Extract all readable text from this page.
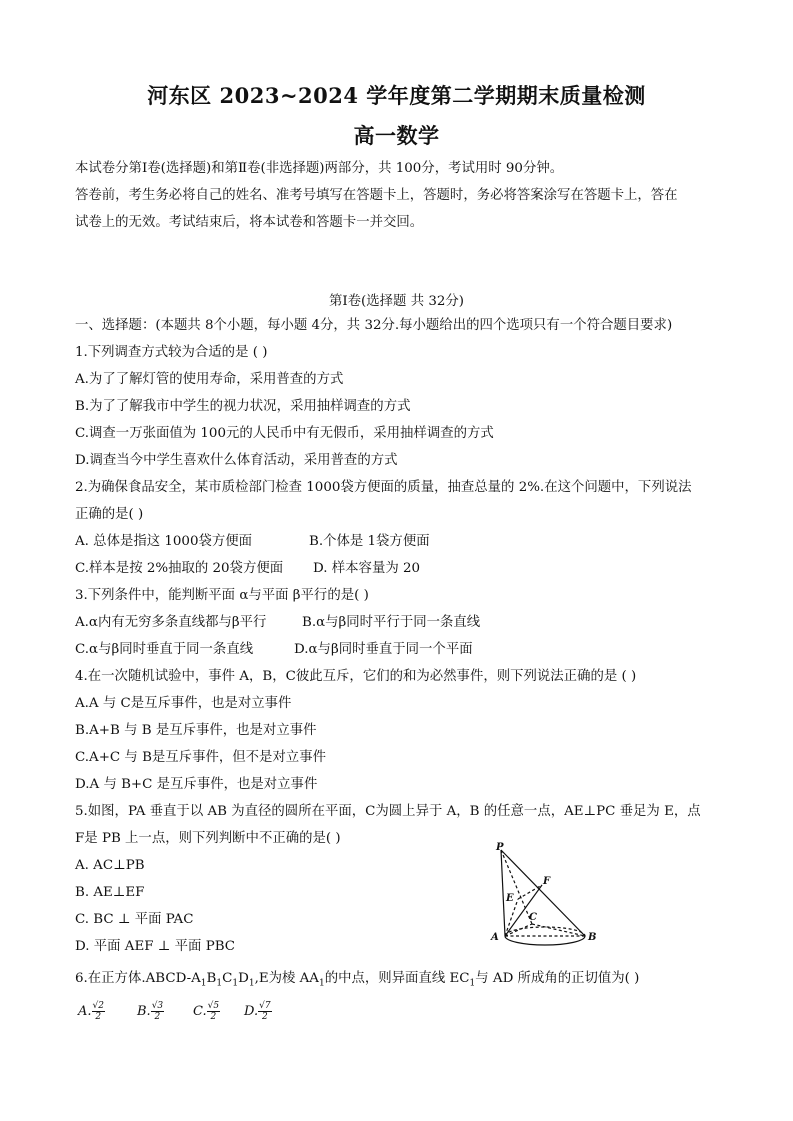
河东区 2023~2024 学年度第二学期期末质量检测
高一数学
本试卷分第Ⅰ卷(选择题)和第Ⅱ卷(非选择题)两部分，共 100分，考试用时 90分钟。
答卷前，考生务必将自己的姓名、准考号填写在答题卡上，答题时，务必将答案涂写在答题卡上，答在
试卷上的无效。考试结束后，将本试卷和答题卡一并交回。
第Ⅰ卷(选择题 共 32分)
一、选择题：(本题共 8个小题，每小题 4分，共 32分.每小题给出的四个选项只有一个符合题目要求)
1.下列调查方式较为合适的是 ( )
A.为了了解灯管的使用寿命，采用普查的方式
B.为了了解我市中学生的视力状况，采用抽样调查的方式
C.调查一万张面值为 100元的人民币中有无假币，采用抽样调查的方式
D.调查当今中学生喜欢什么体育活动，采用普查的方式
2.为确保食品安全，某市质检部门检查 1000袋方便面的质量，抽查总量的 2%.在这个问题中，下列说法
正确的是( )
A. 总体是指这 1000袋方便面	B.个体是 1袋方便面
C.样本是按 2%抽取的 20袋方便面 D. 样本容量为 20
3.下列条件中，能判断平面 α与平面 β平行的是( )
A.α内有无穷多条直线都与β平行	B.α与β同时平行于同一条直线
C.α与β同时垂直于同一条直线	D.α与β同时垂直于同一个平面
4.在一次随机试验中，事件 A，B，C彼此互斥，它们的和为必然事件，则下列说法正确的是 ( )
A.A 与 C是互斥事件，也是对立事件
B.A+B 与 B 是互斥事件，也是对立事件
C.A+C 与 B是互斥事件，但不是对立事件
D.A 与 B+C 是互斥事件，也是对立事件
5.如图，PA 垂直于以 AB 为直径的圆所在平面，C为圆上异于 A，B 的任意一点，AE⊥PC 垂足为 E，点
F是 PB 上一点，则下列判断中不正确的是( )
A. AC⊥PB
B. AE⊥EF
C. BC ⊥ 平面 PAC
D. 平面 AEF ⊥ 平面 PBC
P
F
E
C
A	B
6.在正方体$.ABCD-A_1B_1C_1D_1,E$为棱 $AA_1$的中点，则异面直线 $EC_1$与 AD 所成角的正切值为( )
A. $\frac{√2}{2} B$. $\frac{√3}{2} C$. $\frac{√5}{2} D$. $\frac{√7}{2}$
